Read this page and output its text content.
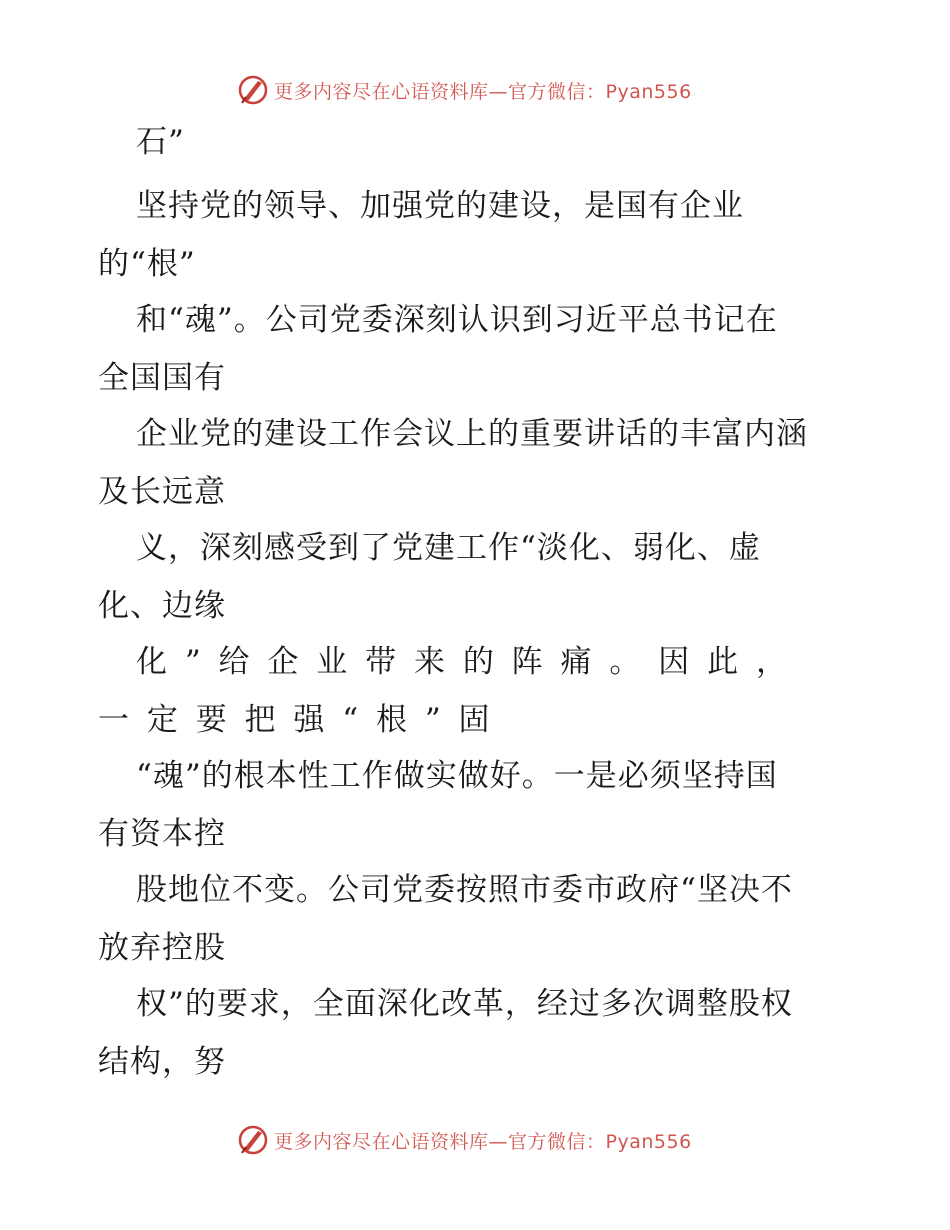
更多内容尽在心语资料库—官方微信：Pyan556
石”
坚持党的领导、加强党的建设，是国有企业
的“根”
和“魂”。公司党委深刻认识到习近平总书记在
全国国有
企业党的建设工作会议上的重要讲话的丰富内涵
及长远意
义，深刻感受到了党建工作“淡化、弱化、虚
化、边缘
化 ” 给 企 业 带 来 的 阵 痛 。 因 此 ，
一 定 要 把 强 “ 根 ” 固
“魂”的根本性工作做实做好。一是必须坚持国
有资本控
股地位不变。公司党委按照市委市政府“坚决不
放弃控股
权”的要求，全面深化改革，经过多次调整股权
结构，努
更多内容尽在心语资料库—官方微信：Pyan556
